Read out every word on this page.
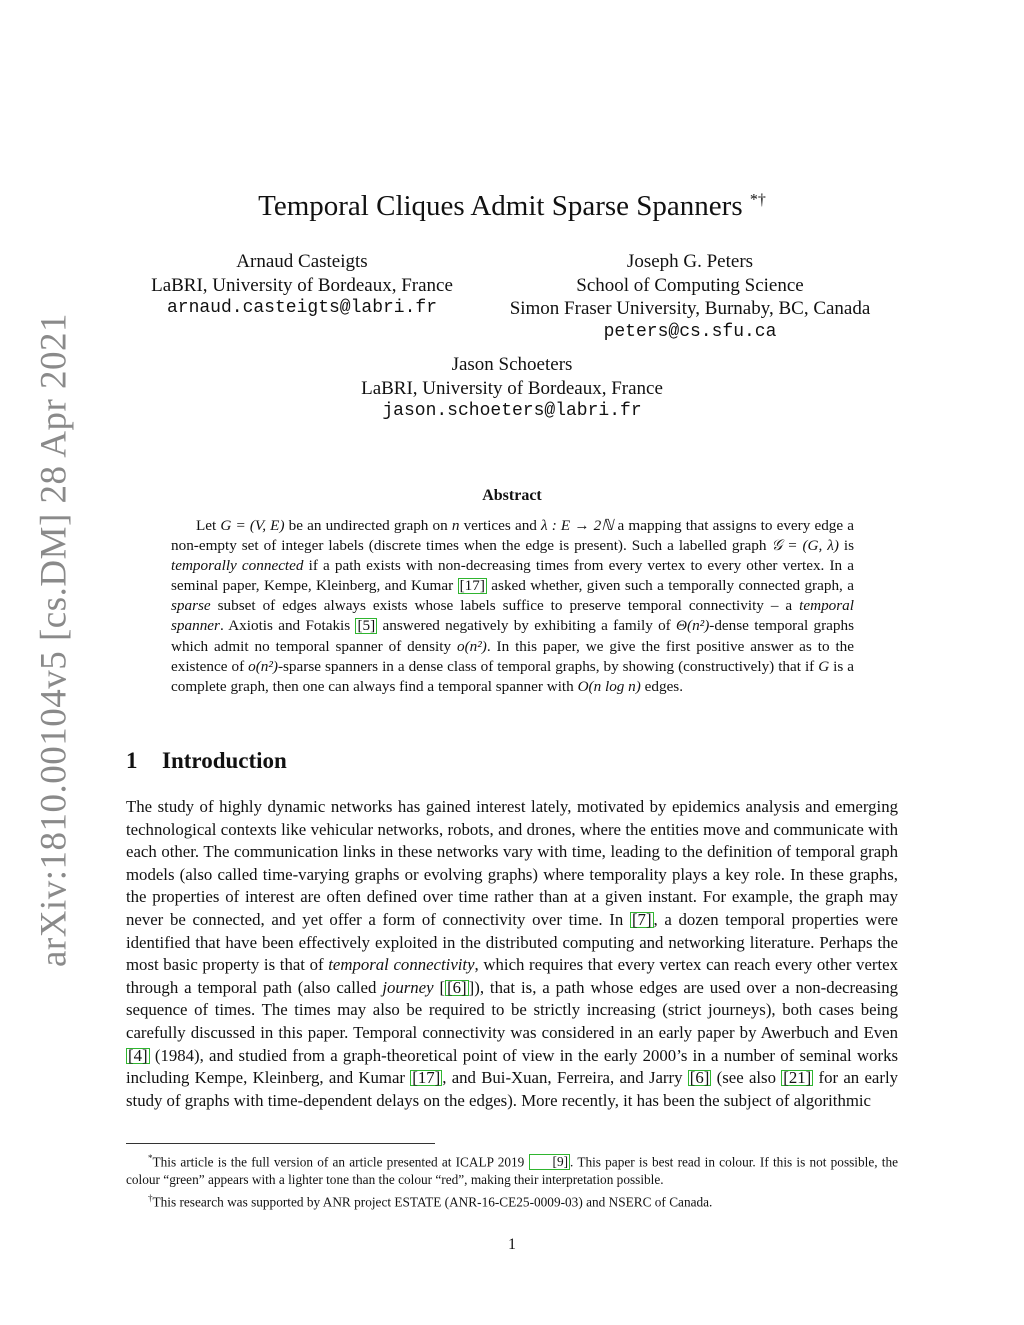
arXiv:1810.00104v5 [cs.DM] 28 Apr 2021
Temporal Cliques Admit Sparse Spanners *†
Arnaud Casteigts
LaBRI, University of Bordeaux, France
arnaud.casteigts@labri.fr
Joseph G. Peters
School of Computing Science
Simon Fraser University, Burnaby, BC, Canada
peters@cs.sfu.ca
Jason Schoeters
LaBRI, University of Bordeaux, France
jason.schoeters@labri.fr
Abstract
Let G = (V, E) be an undirected graph on n vertices and λ : E → 2ℕ a mapping that assigns to every edge a non-empty set of integer labels (discrete times when the edge is present). Such a labelled graph 𝒢 = (G, λ) is temporally connected if a path exists with non-decreasing times from every vertex to every other vertex. In a seminal paper, Kempe, Kleinberg, and Kumar [17] asked whether, given such a temporally connected graph, a sparse subset of edges always exists whose labels suffice to preserve temporal connectivity – a temporal spanner. Axiotis and Fotakis [5] answered negatively by exhibiting a family of Θ(n²)-dense temporal graphs which admit no temporal spanner of density o(n²). In this paper, we give the first positive answer as to the existence of o(n²)-sparse spanners in a dense class of temporal graphs, by showing (constructively) that if G is a complete graph, then one can always find a temporal spanner with O(n log n) edges.
1 Introduction
The study of highly dynamic networks has gained interest lately, motivated by epidemics analysis and emerging technological contexts like vehicular networks, robots, and drones, where the entities move and communicate with each other. The communication links in these networks vary with time, leading to the definition of temporal graph models (also called time-varying graphs or evolving graphs) where temporality plays a key role. In these graphs, the properties of interest are often defined over time rather than at a given instant. For example, the graph may never be connected, and yet offer a form of connectivity over time. In [7] , a dozen temporal properties were identified that have been effectively exploited in the distributed computing and networking literature. Perhaps the most basic property is that of temporal connectivity, which requires that every vertex can reach every other vertex through a temporal path (also called journey [ [6] ]), that is, a path whose edges are used over a non-decreasing sequence of times. The times may also be required to be strictly increasing (strict journeys), both cases being carefully discussed in this paper. Temporal connectivity was considered in an early paper by Awerbuch and Even [4] (1984), and studied from a graph-theoretical point of view in the early 2000’s in a number of seminal works including Kempe, Kleinberg, and Kumar [17] , and Bui-Xuan, Ferreira, and Jarry [6] (see also [21] for an early study of graphs with time-dependent delays on the edges). More recently, it has been the subject of algorithmic

*This article is the full version of an article presented at ICALP 2019 [9] . This paper is best read in colour. If this is not possible, the colour “green” appears with a lighter tone than the colour “red”, making their interpretation possible.

†This research was supported by ANR project ESTATE (ANR-16-CE25-0009-03) and NSERC of Canada.

1
